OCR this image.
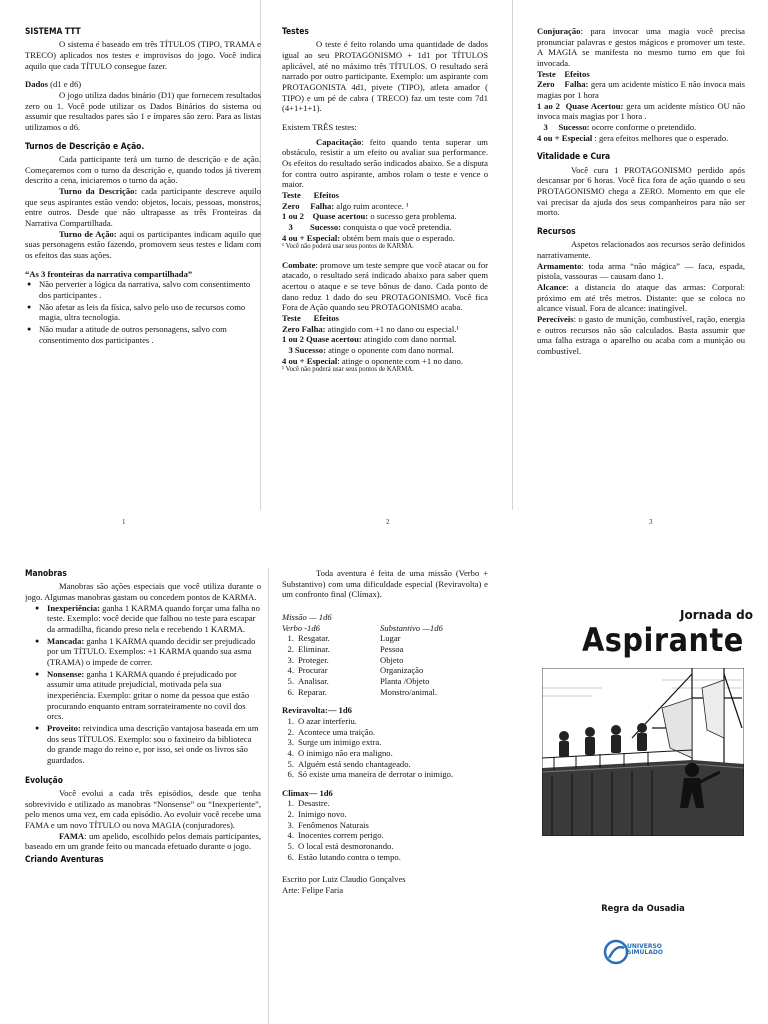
SISTEMA TTT

O sistema é baseado em três TÍTULOS (TIPO, TRAMA e TRECO) aplicados nos testes e improvisos do jogo. Você indica aquilo que cada TÍTULO consegue fazer.

Dados (d1 e d6)

O jogo utiliza dados binário (D1) que fornecem resultados zero ou 1. Você pode utilizar os Dados Binários do sistema ou assumir que resultados pares são 1 e ímpares são zero. Para as listas utilizamos o d6.

Turnos de Descrição e Ação.

Cada participante terá um turno de descrição e de ação. Começaremos com o turno da descrição e, quando todos já tiverem descrito a cena, iniciaremos o turno da ação.

Turno da Descrição: cada participante descreve aquilo que seus aspirantes estão vendo: objetos, locais, pessoas, monstros, entre outros. Desde que não ultrapasse as três Fronteiras da Narrativa Compartilhada.

Turno de Ação: aqui os participantes indicam aquilo que suas personagens estão fazendo, promovem seus testes e lidam com os efeitos das suas ações.

“As 3 fronteiras da narrativa compartilhada”

● Não perverter a lógica da narrativa, salvo com consentimento dos participantes .
● Não afetar as leis da física, salvo pelo uso de recursos como magia, ultra tecnologia.
● Não mudar a atitude de outros personagens, salvo com consentimento dos participantes .
1
Testes

O teste é feito rolando uma quantidade de dados igual ao seu PROTAGONISMO + 1d1 por TÍTULOS aplicável, até no máximo três TÍTULOS. O resultado será narrado por outro participante. Exemplo: um aspirante com PROTAGONISTA 4d1, pivete (TIPO), atleta amador ( TIPO) e um pé de cabra ( TRECO) faz um teste com 7d1 (4+1+1+1).

Existem TRÊS testes:

Capacitação: feito quando tenta superar um obstáculo, resistir a um efeito ou avaliar sua performance. Os efeitos do resultado serão indicados abaixo. Se a disputa for contra outro aspirante, ambos rolam o teste e vence o maior.

Teste      Efeitos

Zero     Falha: algo ruim acontece. ¹

1 ou 2    Quase acertou: o sucesso gera problema.

3        Sucesso: conquista o que você pretendia.

4 ou + Especial: obtém bem mais que o esperado.

¹ Você não poderá usar seus pontos de KARMA.

Combate: promove um teste sempre que você atacar ou for atacado, o resultado será indicado abaixo para saber quem acertou o ataque e se teve bônus de dano. Cada ponto de dano reduz 1 dado do seu PROTAGONISMO. Você fica Fora de Ação quando seu PROTAGONISMO acaba.

Teste      Efeitos

Zero Falha: atingido com +1 no dano ou especial.¹

1 ou 2 Quase acertou: atingido com dano normal.

3 Sucesso: atinge o oponente com dano normal.

4 ou + Especial: atinge o oponente com +1 no dano.

¹ Você não poderá usar seus pontos de KARMA.

2

Conjuração: para invocar uma magia você precisa pronunciar palavras e gestos mágicos e promover um teste. A MAGIA se manifesta no mesmo turno em que foi invocada.

Teste    Efeitos

Zero    Falha: gera um acidente místico E não invoca mais magias por 1 hora

1 ao 2  Quase Acertou: gera um acidente místico OU não invoca mais magias por 1 hora .

3     Sucesso: ocorre conforme o pretendido.

4 ou + Especial : gera efeitos melhores que o esperado.

Vitalidade e Cura

Você cura 1 PROTAGONISMO perdido após descansar por 6 horas. Você fica fora de ação quando o seu PROTAGONISMO chega a ZERO. Momento em que ele vai precisar da ajuda dos seus companheiros para não ser morto.

Recursos

Aspetos relacionados aos recursos serão definidos narrativamente.

Armamento: toda arma “não mágica” — faca, espada, pistola, vassouras — causam dano 1.

Alcance: a distancia do ataque das armas: Corporal: próximo em até três metros. Distante: que se coloca no alcance visual. Fora de alcance: inatingível.

Perecíveis: o gasto de munição, combustível, ração, energia e outros recursos não são calculados. Basta assumir que uma falha estraga o aparelho ou acaba com a munição ou combustível.

3
Manobras

Manobras são ações especiais que você utiliza durante o jogo. Algumas manobras gastam ou concedem pontos de KARMA.

● Inexperiência: ganha 1 KARMA quando forçar uma falha no teste. Exemplo: você decide que falhou no teste para escapar da armadilha, ficando preso nela e recebendo 1 KARMA.
● Mancada: ganha 1 KARMA quando decidir ser prejudicado por um TÍTULO. Exemplos: +1 KARMA quando sua asma (TRAMA) o impede de correr.
● Nonsense: ganha 1 KARMA quando é prejudicado por assumir uma atitude prejudicial, motivada pela sua inexperiência. Exemplo: gritar o nome da pessoa que estão procurando enquanto entram sorrateiramente no covil dos orcs.
● Proveito: reivindica uma descrição vantajosa baseada em um dos seus TÍTULOS. Exemplo: sou o faxineiro da biblioteca do grande mago do reino e, por isso, sei onde os livros são guardados.
Evolução

Você evolui a cada três episódios, desde que tenha sobrevivido e utilizado as manobras “Nonsense” ou “Inexperiente”, pelo menos uma vez, em cada episódio. Ao evoluir você recebe uma FAMA e um novo TÍTULO ou nova MAGIA (conjuradores).

FAMA: um apelido, escolhido pelos demais participantes, baseado em um grande feito ou mancada efetuado durante o jogo.

Criando Aventuras

Toda aventura é feita de uma missão (Verbo + Substantivo) com uma dificuldade especial (Reviravolta) e um confronto final (Clímax).

Missão — 1d6

Verbo -1d6

1. Resgatar.
2. Eliminar.
3. Proteger.
4. Procurar
5. Analisar.
6. Reparar.

Substantivo —1d6

Lugar

Pessoa

Objeto

Organização

Planta /Objeto

Monstro/animal.

Reviravolta:— 1d6

1. O azar interferiu.
2. Acontece uma traição.
3. Surge um inimigo extra.
4. O inimigo não era maligno.
5. Alguém está sendo chantageado.
6. Só existe uma maneira de derrotar o inimigo.

Climax— 1d6

1. Desastre.
2. Inimigo novo.
3. Fenômenos Naturais
4. Inocentes correm perigo.
5. O local está desmoronando.
6. Estão lutando contra o tempo.

Escrito por Luiz Claudio Gonçalves

Arte: Felipe Faria

Jornada do
Aspirante
Regra da Ousadia
UNIVERSO
SIMULADO
